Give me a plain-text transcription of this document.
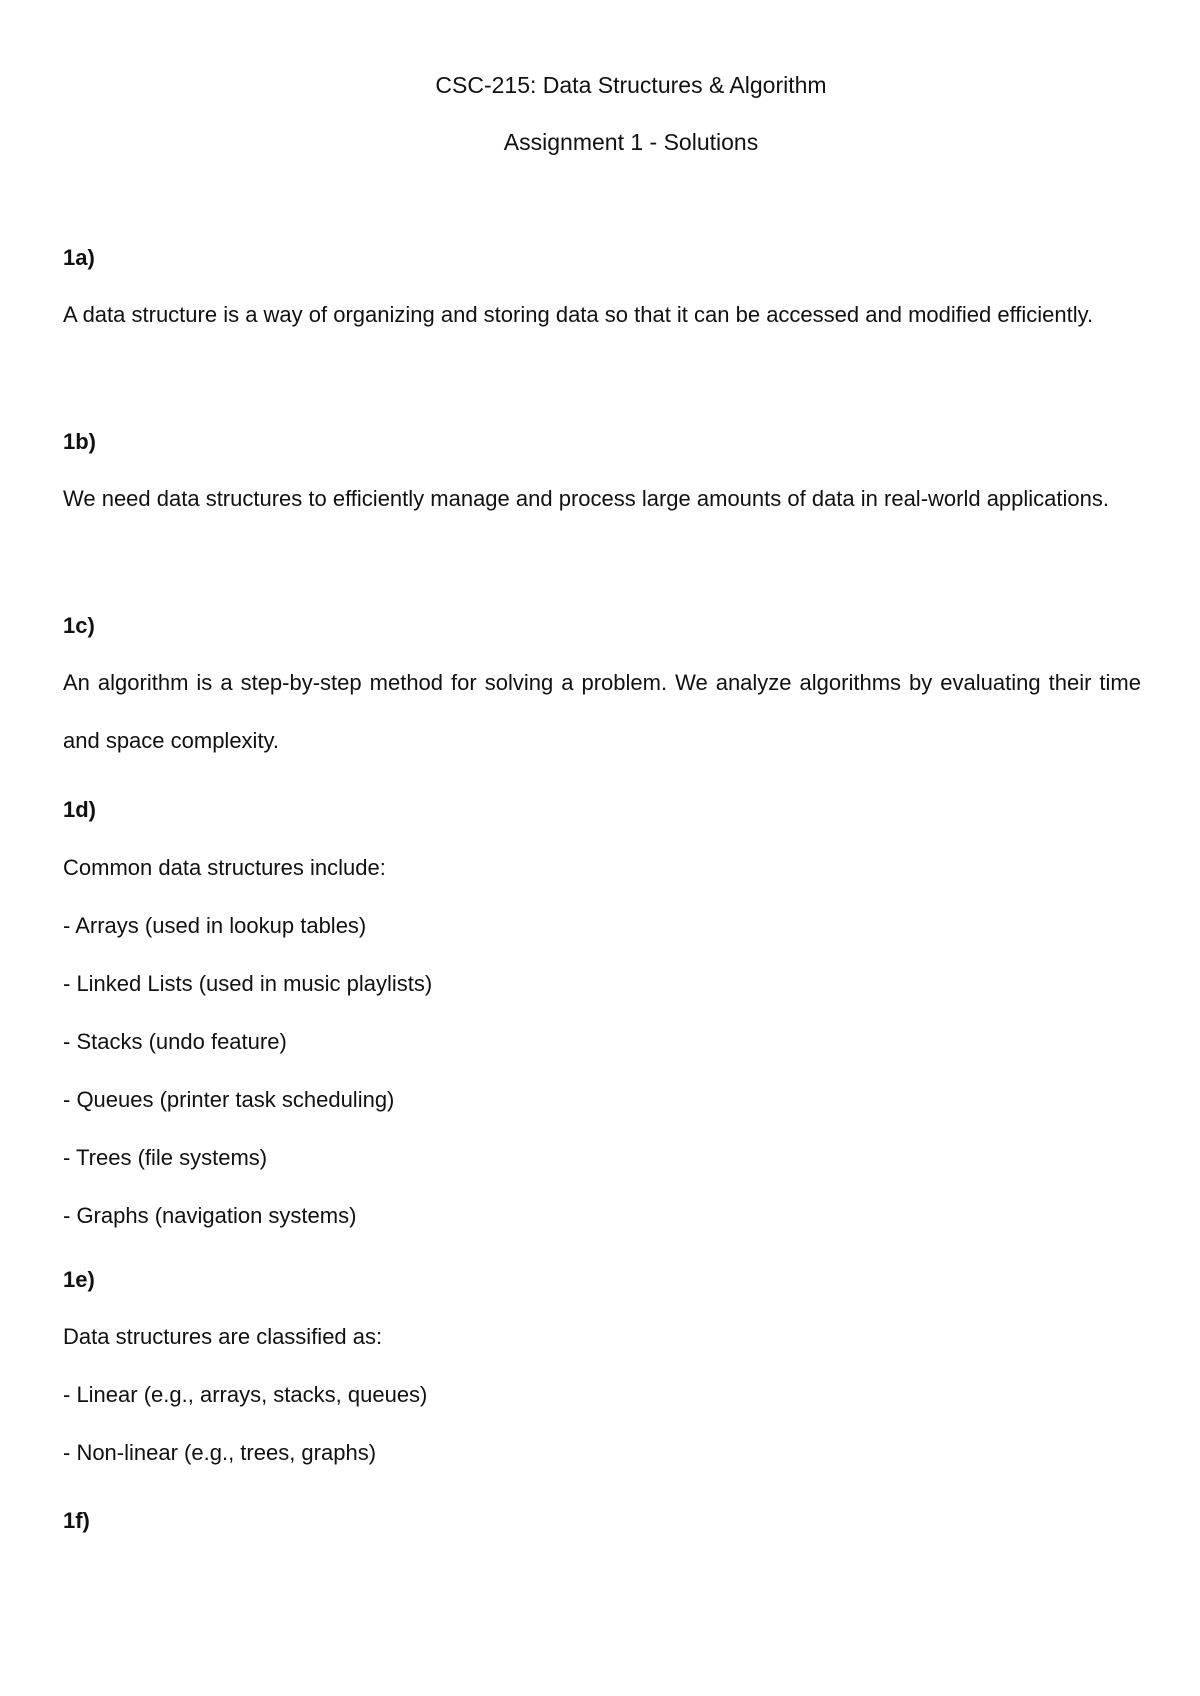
CSC-215: Data Structures & Algorithm
Assignment 1 - Solutions

1a)

A data structure is a way of organizing and storing data so that it can be accessed and modified efficiently.

1b)

We need data structures to efficiently manage and process large amounts of data in real-world applications.

1c)

An algorithm is a step-by-step method for solving a problem. We analyze algorithms by evaluating their time and space complexity.

1d)

Common data structures include:

- Arrays (used in lookup tables)

- Linked Lists (used in music playlists)

- Stacks (undo feature)

- Queues (printer task scheduling)

- Trees (file systems)

- Graphs (navigation systems)

1e)

Data structures are classified as:

- Linear (e.g., arrays, stacks, queues)

- Non-linear (e.g., trees, graphs)

1f)
